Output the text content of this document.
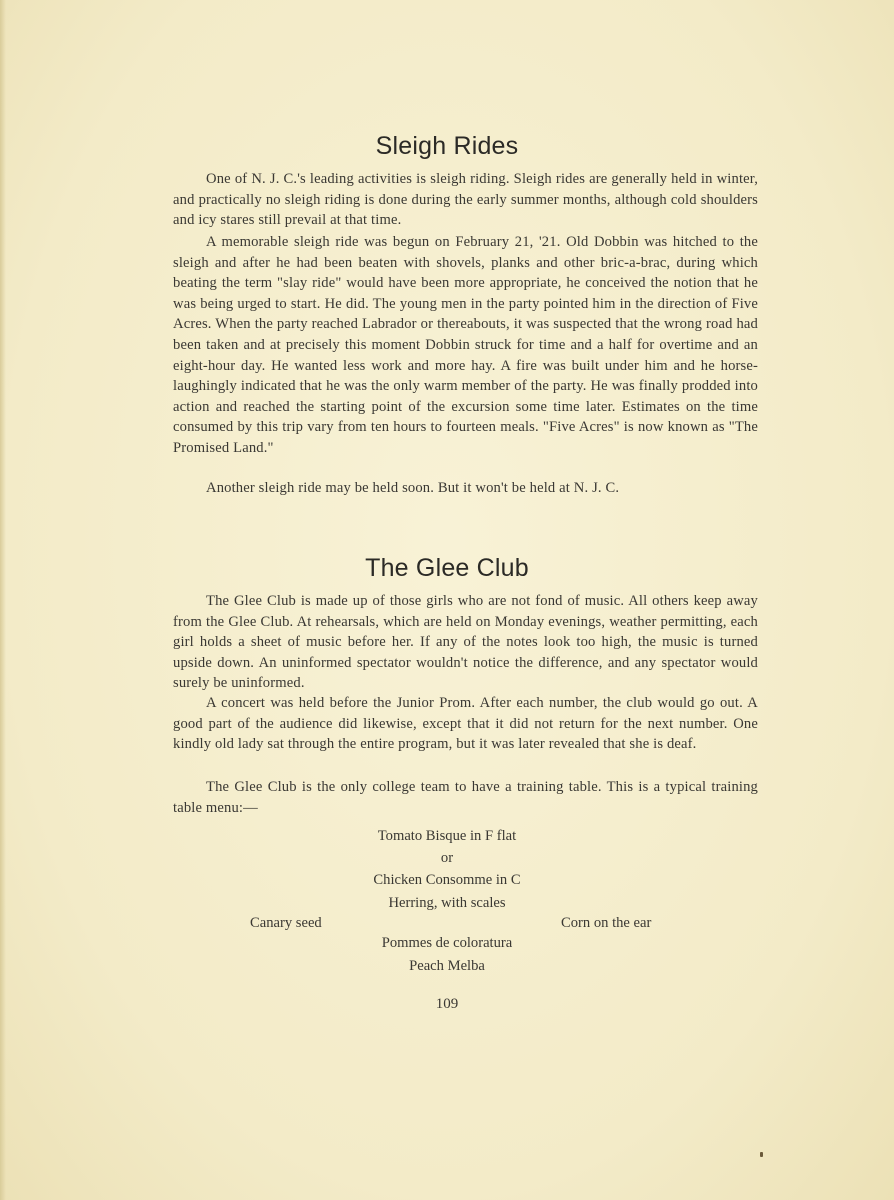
Sleigh Rides

One of N. J. C.'s leading activities is sleigh riding. Sleigh rides are generally held in winter, and practically no sleigh riding is done during the early summer months, although cold shoulders and icy stares still prevail at that time.

A memorable sleigh ride was begun on February 21, '21. Old Dobbin was hitched to the sleigh and after he had been beaten with shovels, planks and other bric-a-brac, during which beating the term "slay ride" would have been more appropriate, he conceived the notion that he was being urged to start. He did. The young men in the party pointed him in the direction of Five Acres. When the party reached Labrador or thereabouts, it was suspected that the wrong road had been taken and at precisely this moment Dobbin struck for time and a half for overtime and an eight-hour day. He wanted less work and more hay. A fire was built under him and he horse-laughingly indicated that he was the only warm member of the party. He was finally prodded into action and reached the starting point of the excursion some time later. Estimates on the time consumed by this trip vary from ten hours to fourteen meals. "Five Acres" is now known as "The Promised Land."

Another sleigh ride may be held soon. But it won't be held at N. J. C.

The Glee Club

The Glee Club is made up of those girls who are not fond of music. All others keep away from the Glee Club. At rehearsals, which are held on Monday evenings, weather permitting, each girl holds a sheet of music before her. If any of the notes look too high, the music is turned upside down. An uninformed spectator wouldn't notice the difference, and any spectator would surely be uninformed.

A concert was held before the Junior Prom. After each number, the club would go out. A good part of the audience did likewise, except that it did not return for the next number. One kindly old lady sat through the entire program, but it was later revealed that she is deaf.

The Glee Club is the only college team to have a training table. This is a typical training table menu:—

Tomato Bisque in F flat
or
Chicken Consomme in C
Herring, with scales
Canary seed	Corn on the ear
Pommes de coloratura
Peach Melba
109
